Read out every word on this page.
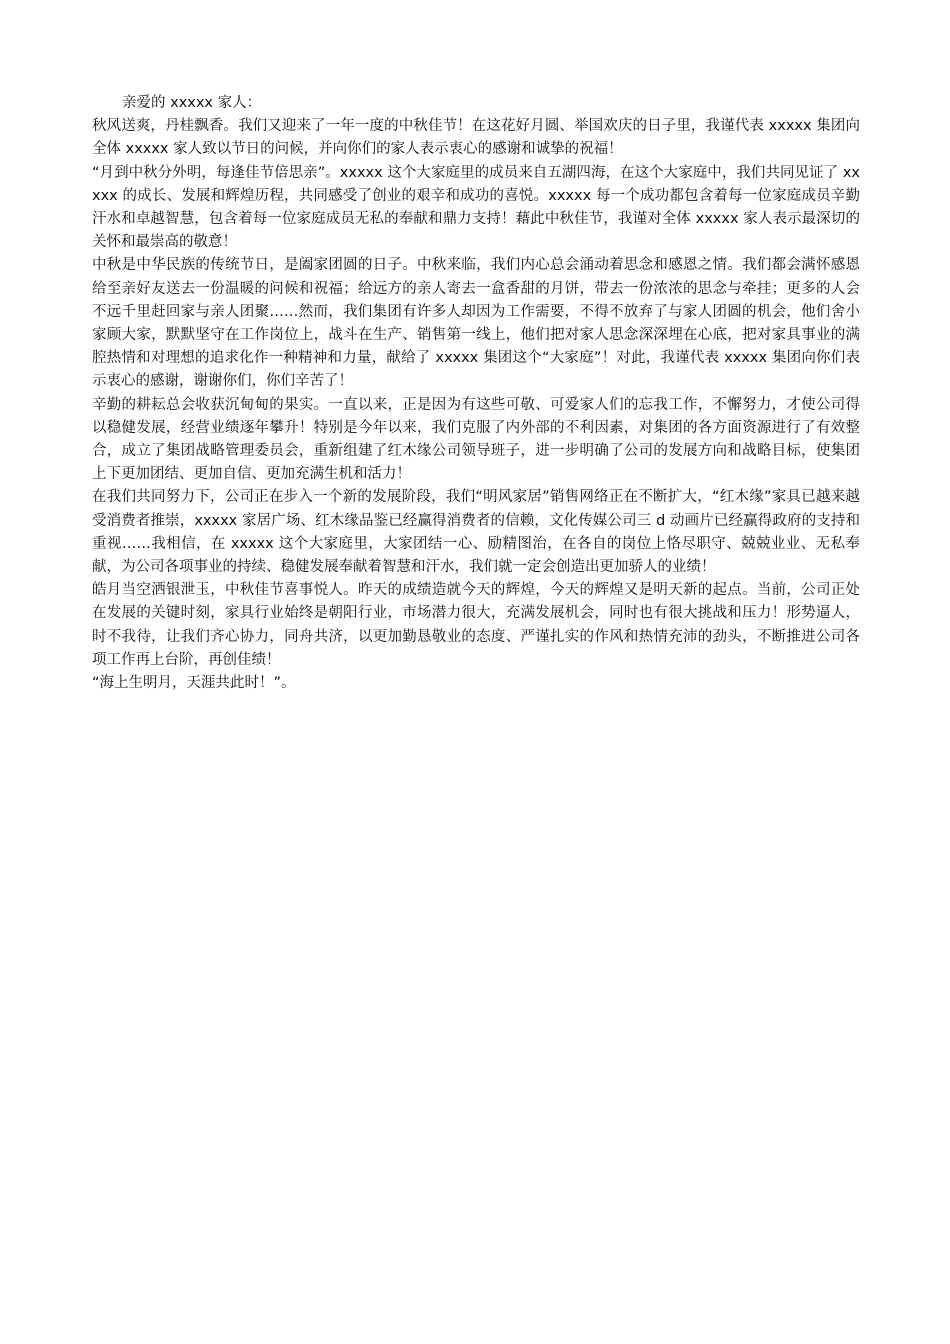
亲爱的 xxxxx 家人：

秋风送爽，丹桂飘香。我们又迎来了一年一度的中秋佳节！在这花好月圆、举国欢庆的日子里，我谨代表 xxxxx 集团向全体 xxxxx 家人致以节日的问候，并向你们的家人表示衷心的感谢和诚挚的祝福！

“月到中秋分外明，每逢佳节倍思亲”。xxxxx 这个大家庭里的成员来自五湖四海，在这个大家庭中，我们共同见证了 xxxxx 的成长、发展和辉煌历程，共同感受了创业的艰辛和成功的喜悦。xxxxx 每一个成功都包含着每一位家庭成员辛勤汗水和卓越智慧，包含着每一位家庭成员无私的奉献和鼎力支持！藉此中秋佳节，我谨对全体 xxxxx 家人表示最深切的关怀和最崇高的敬意！

中秋是中华民族的传统节日，是阖家团圆的日子。中秋来临，我们内心总会涌动着思念和感恩之情。我们都会满怀感恩给至亲好友送去一份温暖的问候和祝福；给远方的亲人寄去一盒香甜的月饼，带去一份浓浓的思念与牵挂；更多的人会不远千里赶回家与亲人团聚……然而，我们集团有许多人却因为工作需要，不得不放弃了与家人团圆的机会，他们舍小家顾大家，默默坚守在工作岗位上，战斗在生产、销售第一线上，他们把对家人思念深深埋在心底，把对家具事业的满腔热情和对理想的追求化作一种精神和力量，献给了 xxxxx 集团这个“大家庭”！对此，我谨代表 xxxxx 集团向你们表示衷心的感谢，谢谢你们，你们辛苦了！

辛勤的耕耘总会收获沉甸甸的果实。一直以来，正是因为有这些可敬、可爱家人们的忘我工作，不懈努力，才使公司得以稳健发展，经营业绩逐年攀升！特别是今年以来，我们克服了内外部的不利因素，对集团的各方面资源进行了有效整合，成立了集团战略管理委员会，重新组建了红木缘公司领导班子，进一步明确了公司的发展方向和战略目标，使集团上下更加团结、更加自信、更加充满生机和活力！

在我们共同努力下，公司正在步入一个新的发展阶段，我们“明风家居”销售网络正在不断扩大，“红木缘”家具已越来越受消费者推崇，xxxxx 家居广场、红木缘品鉴已经赢得消费者的信赖，文化传媒公司三 d 动画片已经赢得政府的支持和重视……我相信，在 xxxxx 这个大家庭里，大家团结一心、励精图治，在各自的岗位上恪尽职守、兢兢业业、无私奉献，为公司各项事业的持续、稳健发展奉献着智慧和汗水，我们就一定会创造出更加骄人的业绩！

皓月当空洒银泄玉，中秋佳节喜事悦人。昨天的成绩造就今天的辉煌，今天的辉煌又是明天新的起点。当前，公司正处在发展的关键时刻，家具行业始终是朝阳行业，市场潜力很大，充满发展机会，同时也有很大挑战和压力！形势逼人，时不我待，让我们齐心协力，同舟共济，以更加勤恳敬业的态度、严谨扎实的作风和热情充沛的劲头，不断推进公司各项工作再上台阶，再创佳绩！

“海上生明月，天涯共此时！”。
